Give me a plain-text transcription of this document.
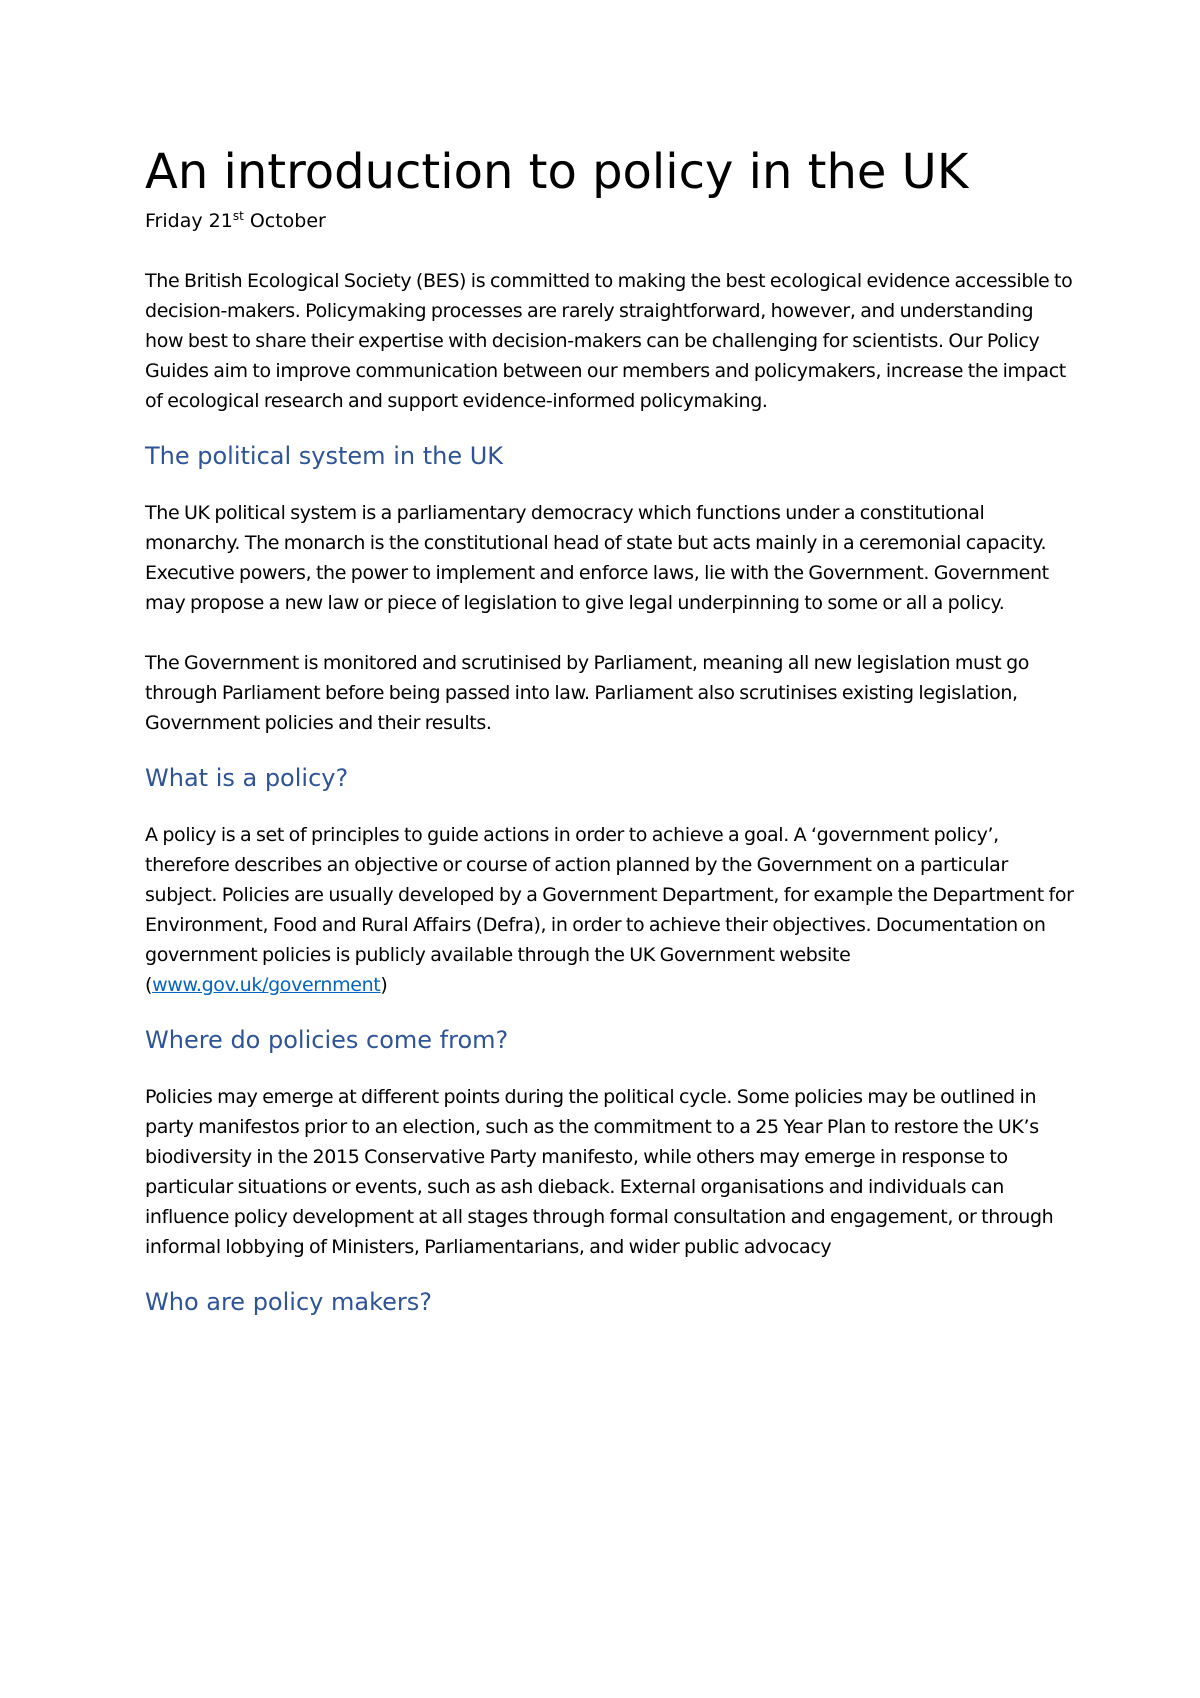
An introduction to policy in the UK
Friday 21st October

The British Ecological Society (BES) is committed to making the best ecological evidence accessible to decision-makers. Policymaking processes are rarely straightforward, however, and understanding how best to share their expertise with decision-makers can be challenging for scientists. Our Policy Guides aim to improve communication between our members and policymakers, increase the impact of ecological research and support evidence-informed policymaking.

The political system in the UK

The UK political system is a parliamentary democracy which functions under a constitutional monarchy. The monarch is the constitutional head of state but acts mainly in a ceremonial capacity. Executive powers, the power to implement and enforce laws, lie with the Government. Government may propose a new law or piece of legislation to give legal underpinning to some or all a policy.

The Government is monitored and scrutinised by Parliament, meaning all new legislation must go through Parliament before being passed into law. Parliament also scrutinises existing legislation, Government policies and their results.

What is a policy?

A policy is a set of principles to guide actions in order to achieve a goal. A ‘government policy’, therefore describes an objective or course of action planned by the Government on a particular subject. Policies are usually developed by a Government Department, for example the Department for Environment, Food and Rural Affairs (Defra), in order to achieve their objectives. Documentation on government policies is publicly available through the UK Government website (www.gov.uk/government)

Where do policies come from?

Policies may emerge at different points during the political cycle. Some policies may be outlined in party manifestos prior to an election, such as the commitment to a 25 Year Plan to restore the UK’s biodiversity in the 2015 Conservative Party manifesto, while others may emerge in response to particular situations or events, such as ash dieback. External organisations and individuals can influence policy development at all stages through formal consultation and engagement, or through informal lobbying of Ministers, Parliamentarians, and wider public advocacy

Who are policy makers?
